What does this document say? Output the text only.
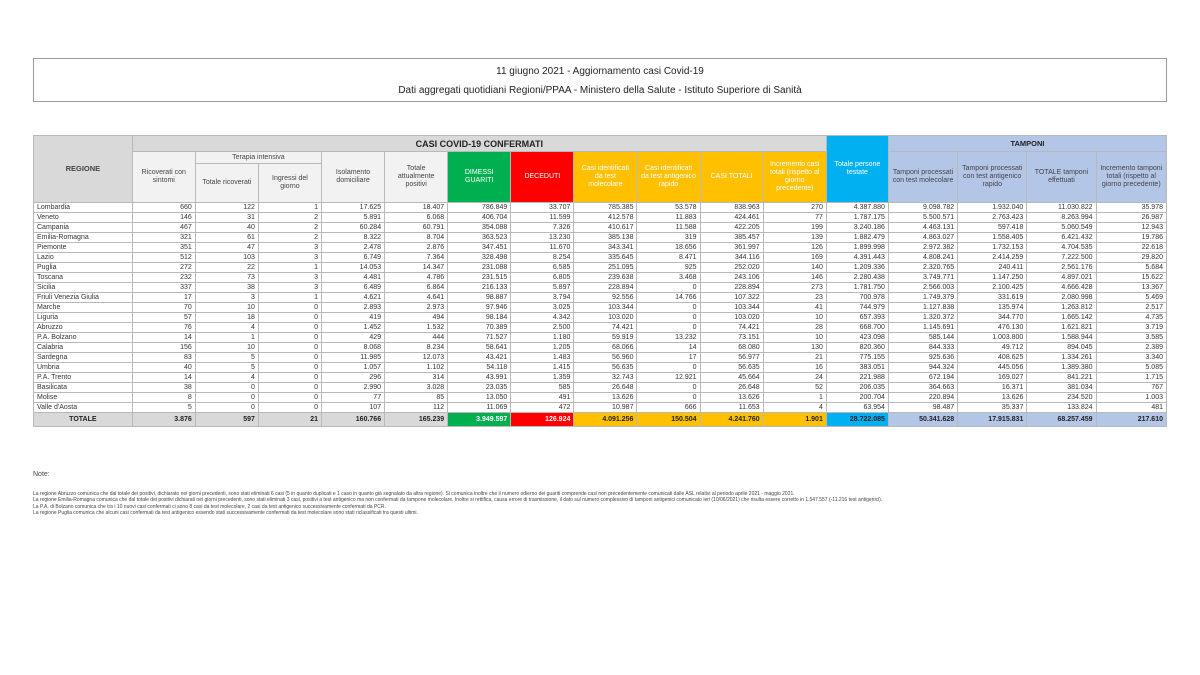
11 giugno 2021 - Aggiornamento casi Covid-19
Dati aggregati quotidiani Regioni/PPAA - Ministero della Salute - Istituto Superiore di Sanità
REGIONE	CASI COVID-19 CONFERMATI											Totale persone testate	TAMPONI			
	Ricoverati con sintomi	Terapia intensiva		Isolamento domiciliare	Totale attualmente positivi	DIMESSI GUARITI	DECEDUTI	Casi identificati da test molecolare	Casi identificati da test antigenico rapido	CASI TOTALI	Incremento casi totali (rispetto al giorno precedente)		Tamponi processati con test molecolare	Tamponi processati con test antigenico rapido	TOTALE tamponi effettuati	Incremento tamponi totali (rispetto al giorno precedente)
		Totale ricoverati	Ingressi del giorno													
Lombardia	660	122	1	17.625	18.407	786.849	33.707	785.385	53.578	838.963	270	4.387.880	9.098.782	1.932.040	11.030.822	35.978
Veneto	146	31	2	5.891	6.068	406.704	11.599	412.578	11.883	424.461	77	1.787.175	5.500.571	2.763.423	8.263.994	26.987
Campania	467	40	2	60.284	60.791	354.088	7.326	410.617	11.588	422.205	199	3.240.186	4.463.131	597.418	5.060.549	12.943
Emilia-Romagna	321	61	2	8.322	8.704	363.523	13.230	385.138	319	385.457	139	1.882.479	4.863.027	1.558.405	6.421.432	19.786
Piemonte	351	47	3	2.478	2.876	347.451	11.670	343.341	18.656	361.997	126	1.899.998	2.972.382	1.732.153	4.704.535	22.618
Lazio	512	103	3	6.749	7.364	328.498	8.254	335.645	8.471	344.116	169	4.391.443	4.808.241	2.414.259	7.222.500	29.820
Puglia	272	22	1	14.053	14.347	231.088	6.585	251.095	925	252.020	140	1.209.336	2.320.765	240.411	2.561.176	5.684
Toscana	232	73	3	4.481	4.786	231.515	6.805	239.638	3.468	243.106	146	2.280.438	3.749.771	1.147.250	4.897.021	15.622
Sicilia	337	38	3	6.489	6.864	216.133	5.897	228.894	0	228.894	273	1.781.750	2.566.003	2.100.425	4.666.428	13.367
Friuli Venezia Giulia	17	3	1	4.621	4.641	98.887	3.794	92.556	14.766	107.322	23	700.978	1.749.379	331.619	2.080.998	5.469
Marche	70	10	0	2.893	2.973	97.946	3.025	103.344	0	103.344	41	744.979	1.127.838	135.974	1.263.812	2.517
Liguria	57	18	0	419	494	98.184	4.342	103.020	0	103.020	10	657.393	1.320.372	344.770	1.665.142	4.735
Abruzzo	76	4	0	1.452	1.532	70.389	2.500	74.421	0	74.421	28	668.700	1.145.691	476.130	1.621.821	3.719
P.A. Bolzano	14	1	0	429	444	71.527	1.180	59.919	13.232	73.151	10	423.098	585.144	1.003.800	1.588.944	3.585
Calabria	156	10	0	8.068	8.234	58.641	1.205	68.066	14	68.080	130	820.360	844.333	49.712	894.045	2.389
Sardegna	83	5	0	11.985	12.073	43.421	1.483	56.960	17	56.977	21	775.155	925.636	408.625	1.334.261	3.340
Umbria	40	5	0	1.057	1.102	54.118	1.415	56.635	0	56.635	16	383.051	944.324	445.056	1.389.380	5.085
P.A. Trento	14	4	0	296	314	43.991	1.359	32.743	12.921	45.664	24	221.988	672.194	169.027	841.221	1.715
Basilicata	38	0	0	2.990	3.028	23.035	585	26.648	0	26.648	52	206.035	364.663	16.371	381.034	767
Molise	8	0	0	77	85	13.050	491	13.626	0	13.626	1	200.704	220.894	13.626	234.520	1.003
Valle d'Aosta	5	0	0	107	112	11.069	472	10.987	666	11.653	4	63.954	98.487	35.337	133.824	481
TOTALE	3.876	597	21	160.766	165.239	3.949.597	126.924	4.091.256	150.504	4.241.760	1.901	28.722.085	50.341.628	17.915.831	68.257.459	217.610
Note:
La regione Abruzzo comunica che dal totale dei positivi, dichiarato nei giorni precedenti, sono stati eliminati 6 casi (5 in quanto duplicati e 1 caso in quanto già segnalato da altra regione). Si comunica inoltre che il numero odierno dei guariti comprende casi non precedentemente comunicati dalle ASL relativi al periodo aprile 2021 - maggio 2021.
La regione Emilia-Romagna comunica che dal totale dei positivi dichiarati nei giorni precedenti, sono stati eliminati 3 casi, positivi a test antigenico ma non confermati da tampone molecolare. Inoltre si rettifica, causa errore di trasmissione, il dato sul numero complessivo di tamponi antigenici comunicato ieri (10/06/2021) che risulta essere corretto in 1.547.557 (-11.216 test antigenici).
La P.A. di Bolzano comunica che tra i 10 nuovi casi confermati ci sono 8 casi da test molecolare, 2 casi da test antigenico successivamente confermati da PCR.
La regione Puglia comunica che alcuni casi confermati da test antigenico essendo stati successivamente confermati da test molecolare sono stati riclassificati tra questi ultimi.
